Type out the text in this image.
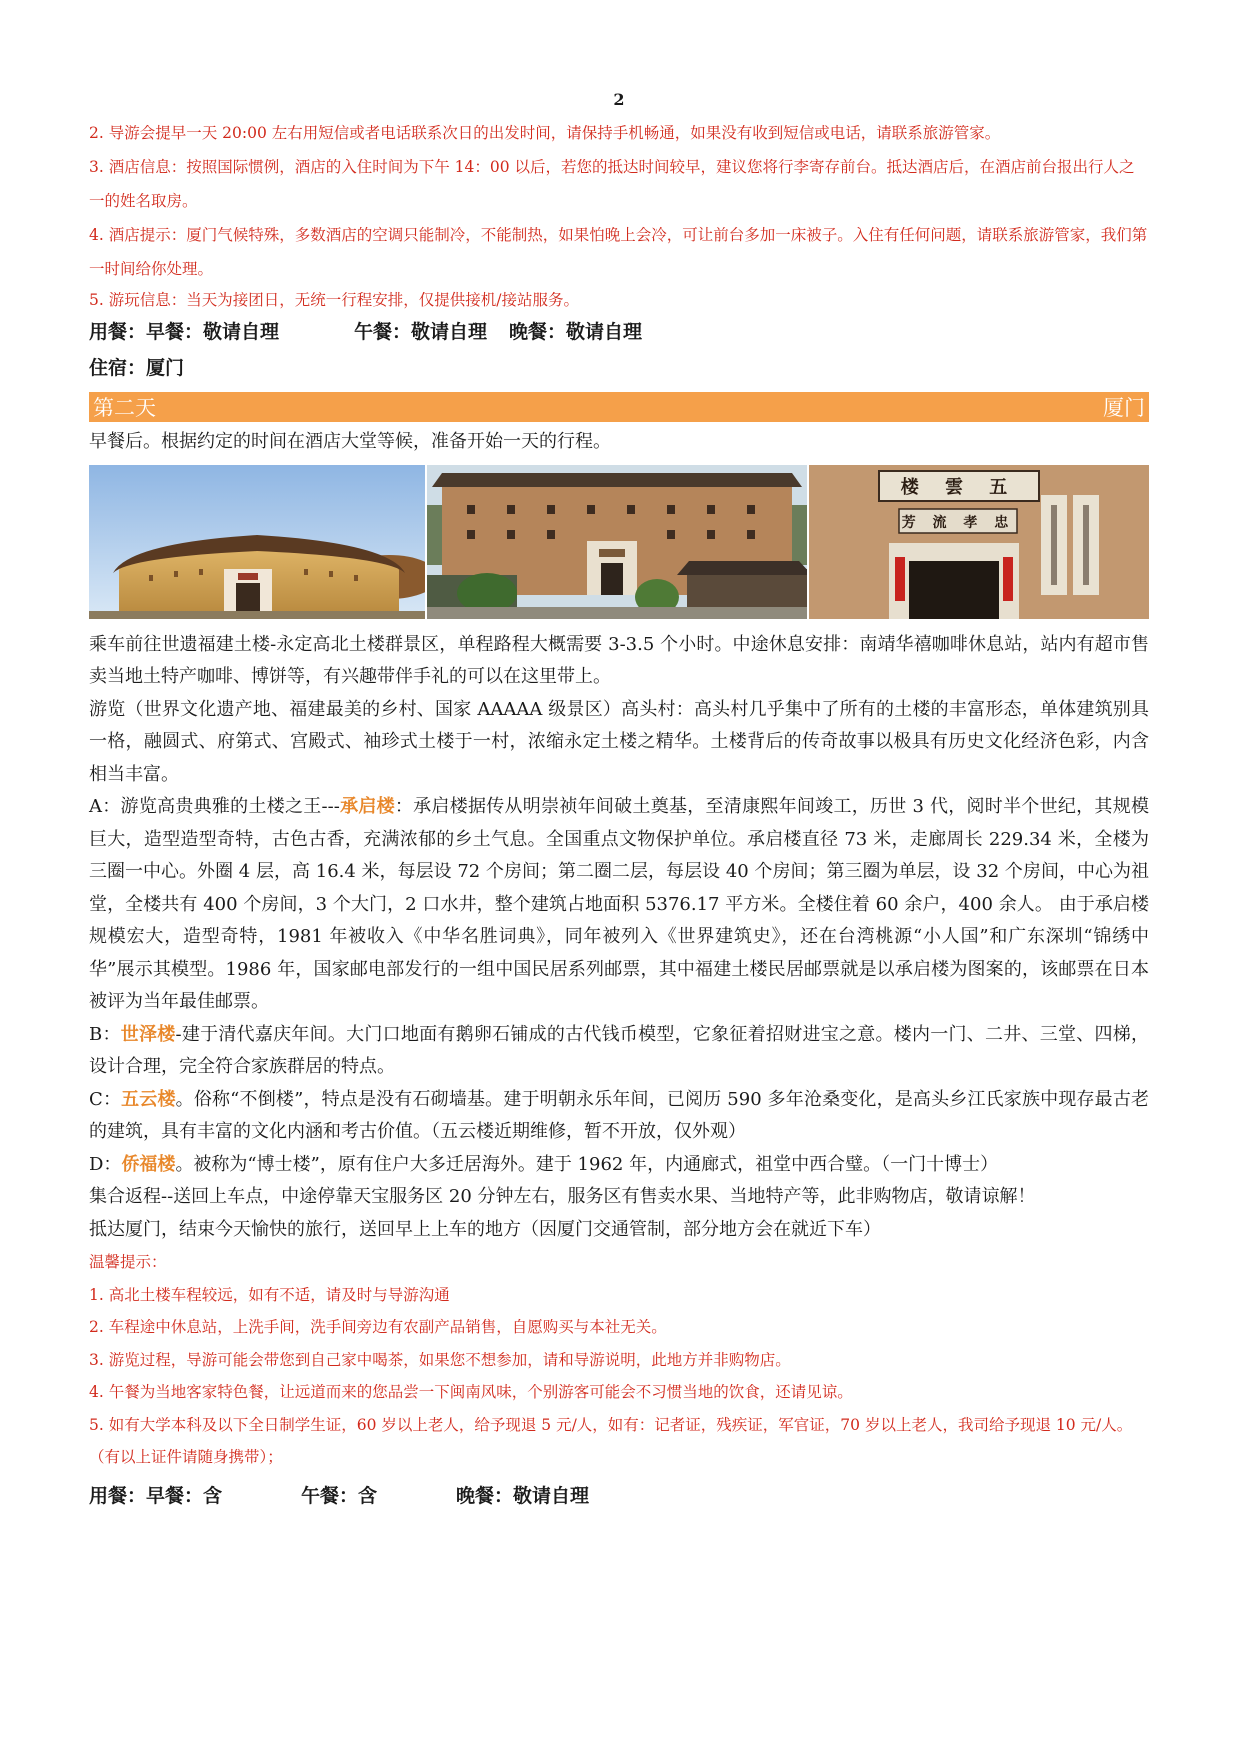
2

2. 导游会提早一天 20:00 左右用短信或者电话联系次日的出发时间，请保持手机畅通，如果没有收到短信或电话，请联系旅游管家。

3. 酒店信息：按照国际惯例，酒店的入住时间为下午 14：00 以后，若您的抵达时间较早，建议您将行李寄存前台。抵达酒店后，在酒店前台报出行人之一的姓名取房。

4. 酒店提示：厦门气候特殊，多数酒店的空调只能制冷，不能制热，如果怕晚上会冷，可让前台多加一床被子。入住有任何问题，请联系旅游管家，我们第一时间给你处理。

5. 游玩信息：当天为接团日，无统一行程安排，仅提供接机/接站服务。

用餐：早餐：敬请自理	午餐：敬请自理 晚餐：敬请自理

住宿：厦门

第二天	厦门

早餐后。根据约定的时间在酒店大堂等候，准备开始一天的行程。

楼 雲 五
芳 流 孝 忠

乘车前往世遗福建土楼-永定高北土楼群景区，单程路程大概需要 3-3.5 个小时。中途休息安排：南靖华禧咖啡休息站，站内有超市售卖当地土特产咖啡、博饼等，有兴趣带伴手礼的可以在这里带上。

游览（世界文化遗产地、福建最美的乡村、国家 AAAAA 级景区）高头村：高头村几乎集中了所有的土楼的丰富形态，单体建筑别具一格，融圆式、府第式、宫殿式、袖珍式土楼于一村，浓缩永定土楼之精华。土楼背后的传奇故事以极具有历史文化经济色彩，内含相当丰富。

A：游览高贵典雅的土楼之王---承启楼：承启楼据传从明崇祯年间破土奠基，至清康熙年间竣工，历世 3 代，阅时半个世纪，其规模巨大，造型造型奇特，古色古香，充满浓郁的乡土气息。全国重点文物保护单位。承启楼直径 73 米，走廊周长 229.34 米，全楼为三圈一中心。外圈 4 层，高 16.4 米，每层设 72 个房间；第二圈二层，每层设 40 个房间；第三圈为单层，设 32 个房间，中心为祖堂，全楼共有 400 个房间，3 个大门，2 口水井，整个建筑占地面积 5376.17 平方米。全楼住着 60 余户，400 余人。 由于承启楼规模宏大，造型奇特，1981 年被收入《中华名胜词典》，同年被列入《世界建筑史》，还在台湾桃源“小人国”和广东深圳“锦绣中华”展示其模型。1986 年，国家邮电部发行的一组中国民居系列邮票，其中福建土楼民居邮票就是以承启楼为图案的，该邮票在日本被评为当年最佳邮票。

B：世泽楼-建于清代嘉庆年间。大门口地面有鹅卵石铺成的古代钱币模型，它象征着招财进宝之意。楼内一门、二井、三堂、四梯，设计合理，完全符合家族群居的特点。

C：五云楼。俗称“不倒楼”，特点是没有石砌墙基。建于明朝永乐年间，已阅历 590 多年沧桑变化，是高头乡江氏家族中现存最古老的建筑，具有丰富的文化内涵和考古价值。（五云楼近期维修，暂不开放，仅外观）

D：侨福楼。被称为“博士楼”，原有住户大多迁居海外。建于 1962 年，内通廊式，祖堂中西合璧。（一门十博士）

集合返程--送回上车点，中途停靠天宝服务区 20 分钟左右，服务区有售卖水果、当地特产等，此非购物店，敬请谅解！

抵达厦门，结束今天愉快的旅行，送回早上上车的地方（因厦门交通管制，部分地方会在就近下车）

温馨提示：

1. 高北土楼车程较远，如有不适，请及时与导游沟通

2. 车程途中休息站，上洗手间，洗手间旁边有农副产品销售，自愿购买与本社无关。

3. 游览过程，导游可能会带您到自己家中喝茶，如果您不想参加，请和导游说明，此地方并非购物店。

4. 午餐为当地客家特色餐，让远道而来的您品尝一下闽南风味，个别游客可能会不习惯当地的饮食，还请见谅。

5. 如有大学本科及以下全日制学生证，60 岁以上老人，给予现退 5 元/人，如有：记者证，残疾证，军官证，70 岁以上老人，我司给予现退 10 元/人。（有以上证件请随身携带）；

用餐：早餐：含	午餐：含	晚餐：敬请自理
